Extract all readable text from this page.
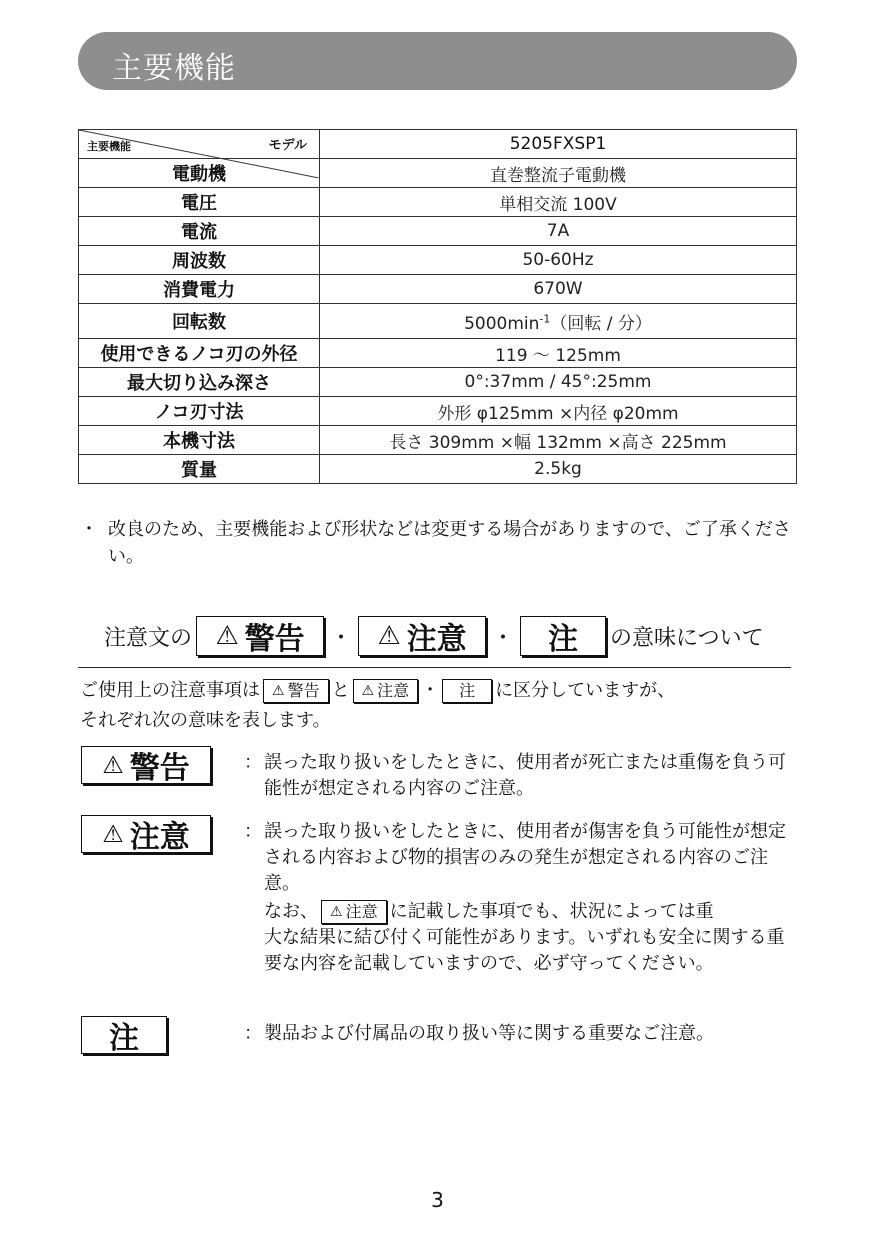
主要機能
モデル
主要機能	5205FXSP1
電動機	直巻整流子電動機
電圧	単相交流 100V
電流	7A
周波数	50-60Hz
消費電力	670W
回転数	$5000\min^{-1}$（回転 / 分）
使用できるノコ刃の外径	119 ～ 125mm
最大切り込み深さ	0°:37mm / 45°:25mm
ノコ刃寸法	外形 φ125mm ×内径 φ20mm
本機寸法	長さ 309mm ×幅 132mm ×高さ 225mm
質量	2.5kg
・ 改良のため、主要機能および形状などは変更する場合がありますので、ご了承ください。
注意文の ⚠ 警告 ・ ⚠ 注意 ・ 注 の意味について
ご使用上の注意事項は ⚠ 警告 と ⚠ 注意 ・ 注 に区分していますが、
それぞれ次の意味を表します。
⚠ 警告	： 誤った取り扱いをしたときに、使用者が死亡または重傷を負う可能性が想定される内容のご注意。

⚠ 注意	： 誤った取り扱いをしたときに、使用者が傷害を負う可能性が想定される内容および物的損害のみの発生が想定される内容のご注意。

なお、 ⚠ 注意 に記載した事項でも、状況によっては重

大な結果に結び付く可能性があります。いずれも安全に関する重要な内容を記載していますので、必ず守ってください。

注	： 製品および付属品の取り扱い等に関する重要なご注意。

3
